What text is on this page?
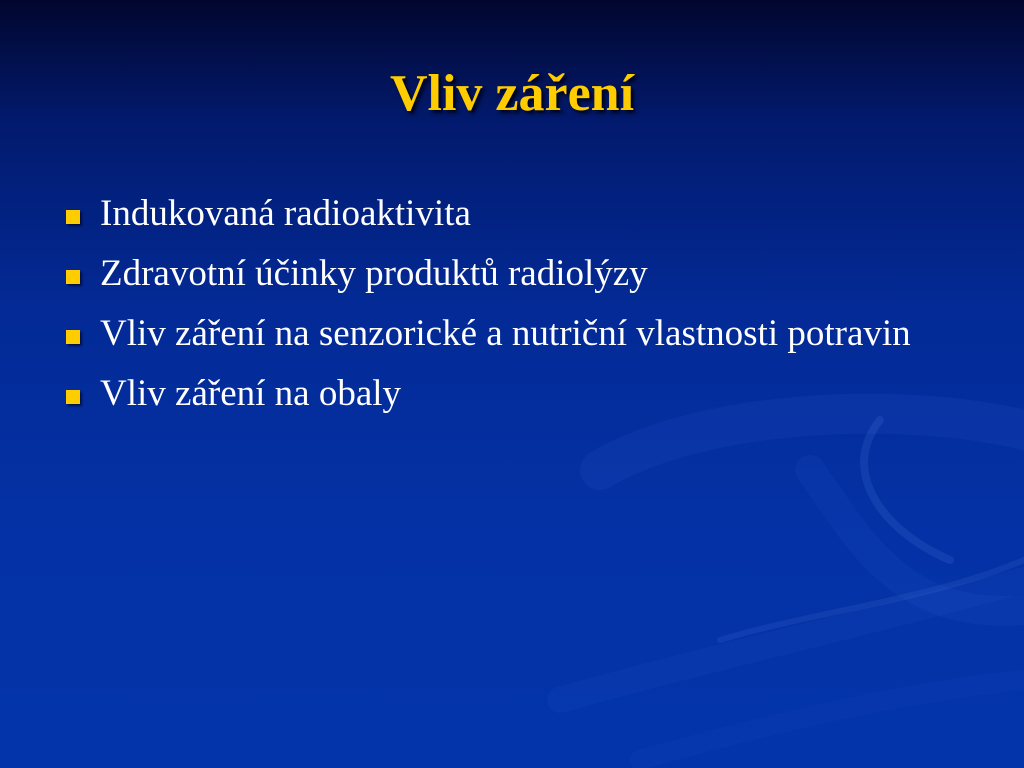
Vliv záření
Indukovaná radioaktivita
Zdravotní účinky produktů radiolýzy
Vliv záření na senzorické a nutriční vlastnosti potravin
Vliv záření na obaly
